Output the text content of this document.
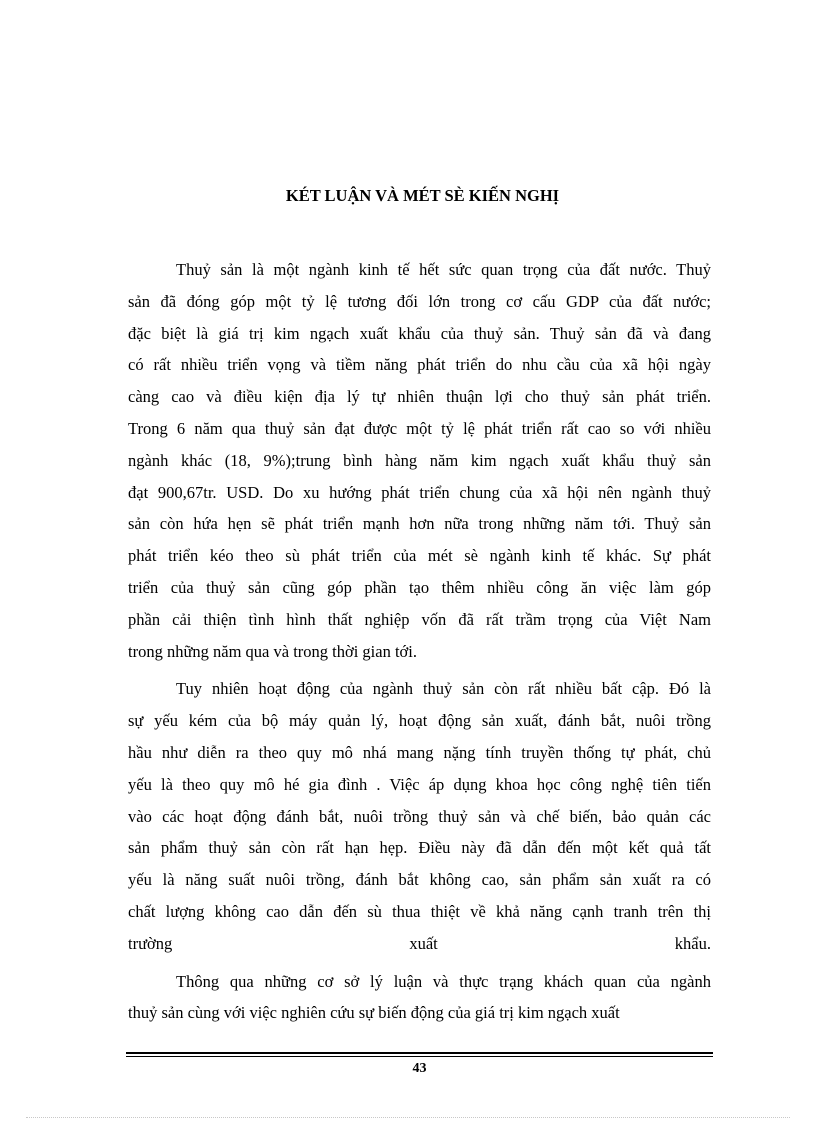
KÉT LUẬN VÀ MÉT SÈ KIẾN NGHỊ
Thuỷ sản là một ngành kinh tế hết sức quan trọng của đất nước. Thuỷ
sản đã đóng góp một tỷ lệ tương đối lớn trong cơ cấu GDP của đất nước;
đặc biệt là giá trị kim ngạch xuất khẩu của thuỷ sản. Thuỷ sản đã và đang
có rất nhiều triển vọng và tiềm năng phát triển do nhu cầu của xã hội ngày
càng cao và điều kiện địa lý tự nhiên thuận lợi cho thuỷ sản phát triển.
Trong 6 năm qua thuỷ sản đạt được một tỷ lệ phát triển rất cao so với nhiều
ngành khác (18, 9%);trung bình hàng năm kim ngạch xuất khẩu thuỷ sản
đạt 900,67tr. USD. Do xu hướng phát triển chung của xã hội nên ngành thuỷ
sản còn hứa hẹn sẽ phát triển mạnh hơn nữa trong những năm tới. Thuỷ sản
phát triển kéo theo sù phát triển của mét sè ngành kinh tế khác. Sự phát
triển của thuỷ sản cũng góp phần tạo thêm nhiều công ăn việc làm góp
phần cải thiện tình hình thất nghiệp vốn đã rất trầm trọng của Việt Nam
trong những năm qua và trong thời gian tới.
Tuy nhiên hoạt động của ngành thuỷ sản còn rất nhiều bất cập. Đó là
sự yếu kém của bộ máy quản lý, hoạt động sản xuất, đánh bắt, nuôi trồng
hầu như diễn ra theo quy mô nhá mang nặng tính truyền thống tự phát, chủ
yếu là theo quy mô hé gia đình . Việc áp dụng khoa học công nghệ tiên tiến
vào các hoạt động đánh bắt, nuôi trồng thuỷ sản và chế biến, bảo quản các
sản phẩm thuỷ sản còn rất hạn hẹp. Điều này đã dẫn đến một kết quả tất
yếu là năng suất nuôi trồng, đánh bắt không cao, sản phẩm sản xuất ra có
chất lượng không cao dẫn đến sù thua thiệt về khả năng cạnh tranh trên thị
trường xuất khẩu.
Thông qua những cơ sở lý luận và thực trạng khách quan của ngành
thuỷ sản cùng với việc nghiên cứu sự biến động của giá trị kim ngạch xuất
43
